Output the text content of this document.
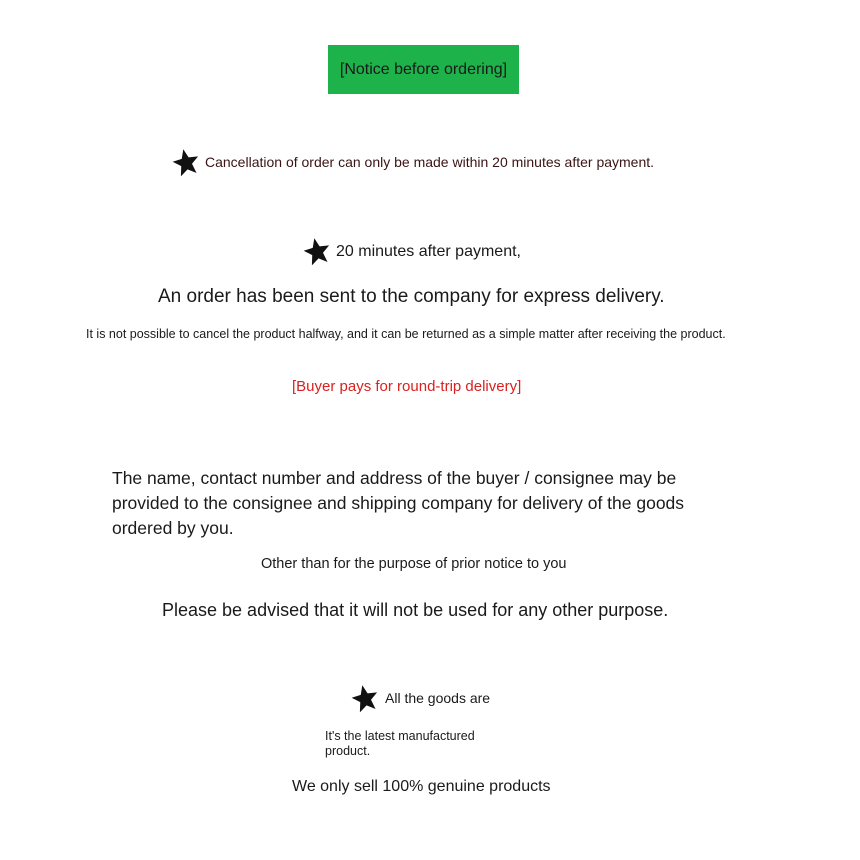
[Notice before ordering]
Cancellation of order can only be made within 20 minutes after payment.
20 minutes after payment,
An order has been sent to the company for express delivery.
It is not possible to cancel the product halfway, and it can be returned as a simple matter after receiving the product.
[Buyer pays for round-trip delivery]
The name, contact number and address of the buyer / consignee may be provided to the consignee and shipping company for delivery of the goods ordered by you.
Other than for the purpose of prior notice to you
Please be advised that it will not be used for any other purpose.
All the goods are
It's the latest manufactured product.
We only sell 100% genuine products
